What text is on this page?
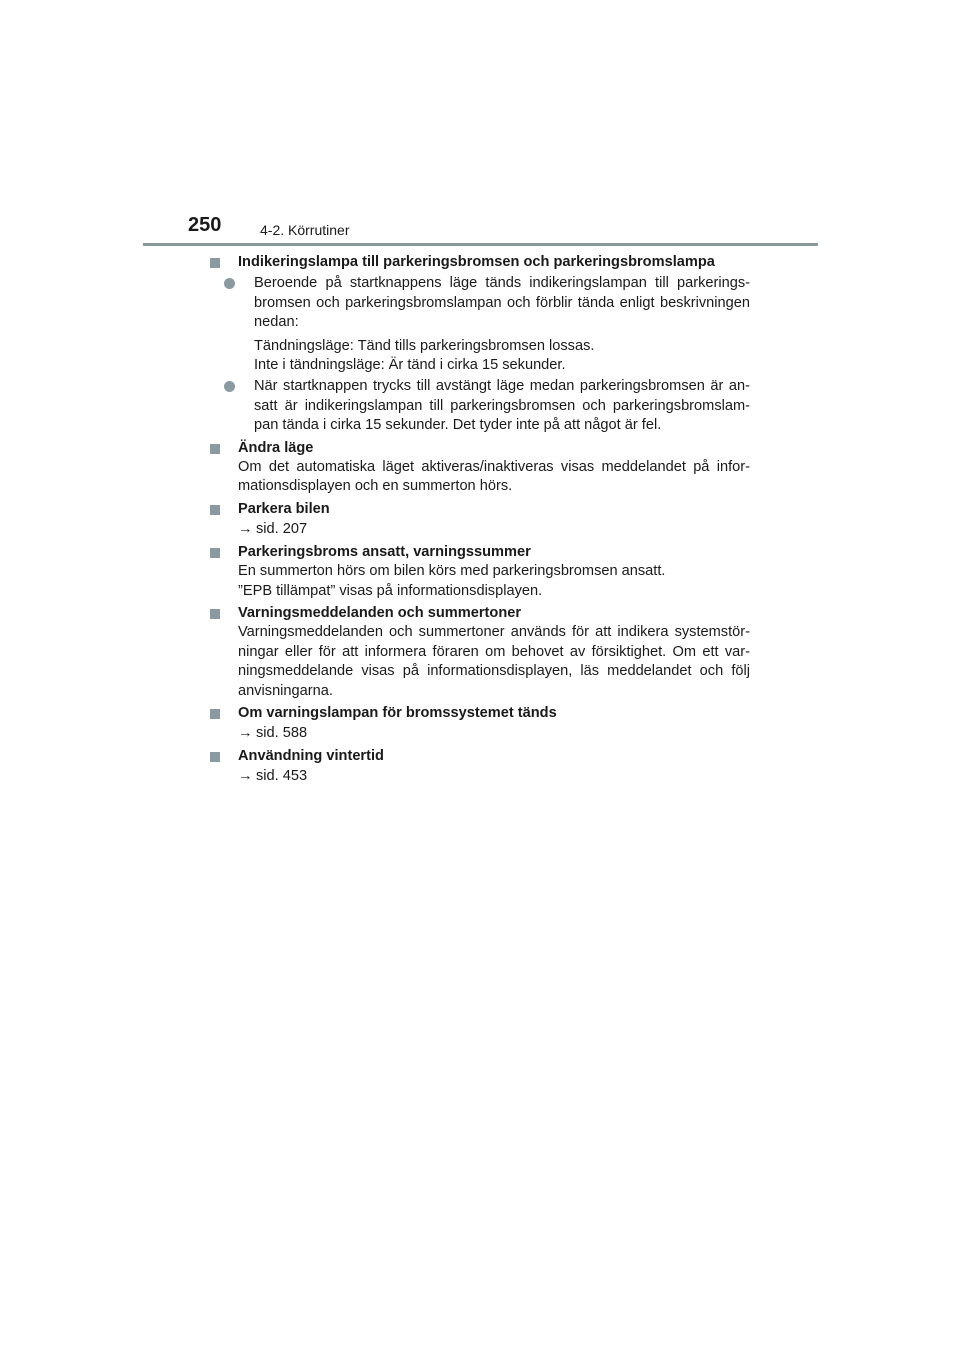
250	4-2. Körrutiner
Indikeringslampa till parkeringsbromsen och parkeringsbromslampa
Beroende på startknappens läge tänds indikeringslampan till parkerings-bromsen och parkeringsbromslampan och förblir tända enligt beskrivningen nedan:
Tändningsläge: Tänd tills parkeringsbromsen lossas.
Inte i tändningsläge: Är tänd i cirka 15 sekunder.
När startknappen trycks till avstängt läge medan parkeringsbromsen är an-satt är indikeringslampan till parkeringsbromsen och parkeringsbromslam-pan tända i cirka 15 sekunder. Det tyder inte på att något är fel.
Ändra läge
Om det automatiska läget aktiveras/inaktiveras visas meddelandet på infor-mationsdisplayen och en summerton hörs.
Parkera bilen
→ sid. 207
Parkeringsbroms ansatt, varningssummer
En summerton hörs om bilen körs med parkeringsbromsen ansatt.
”EPB tillämpat” visas på informationsdisplayen.
Varningsmeddelanden och summertoner
Varningsmeddelanden och summertoner används för att indikera systemstör-ningar eller för att informera föraren om behovet av försiktighet. Om ett var-ningsmeddelande visas på informationsdisplayen, läs meddelandet och följ anvisningarna.
Om varningslampan för bromssystemet tänds
→ sid. 588
Användning vintertid
→ sid. 453
